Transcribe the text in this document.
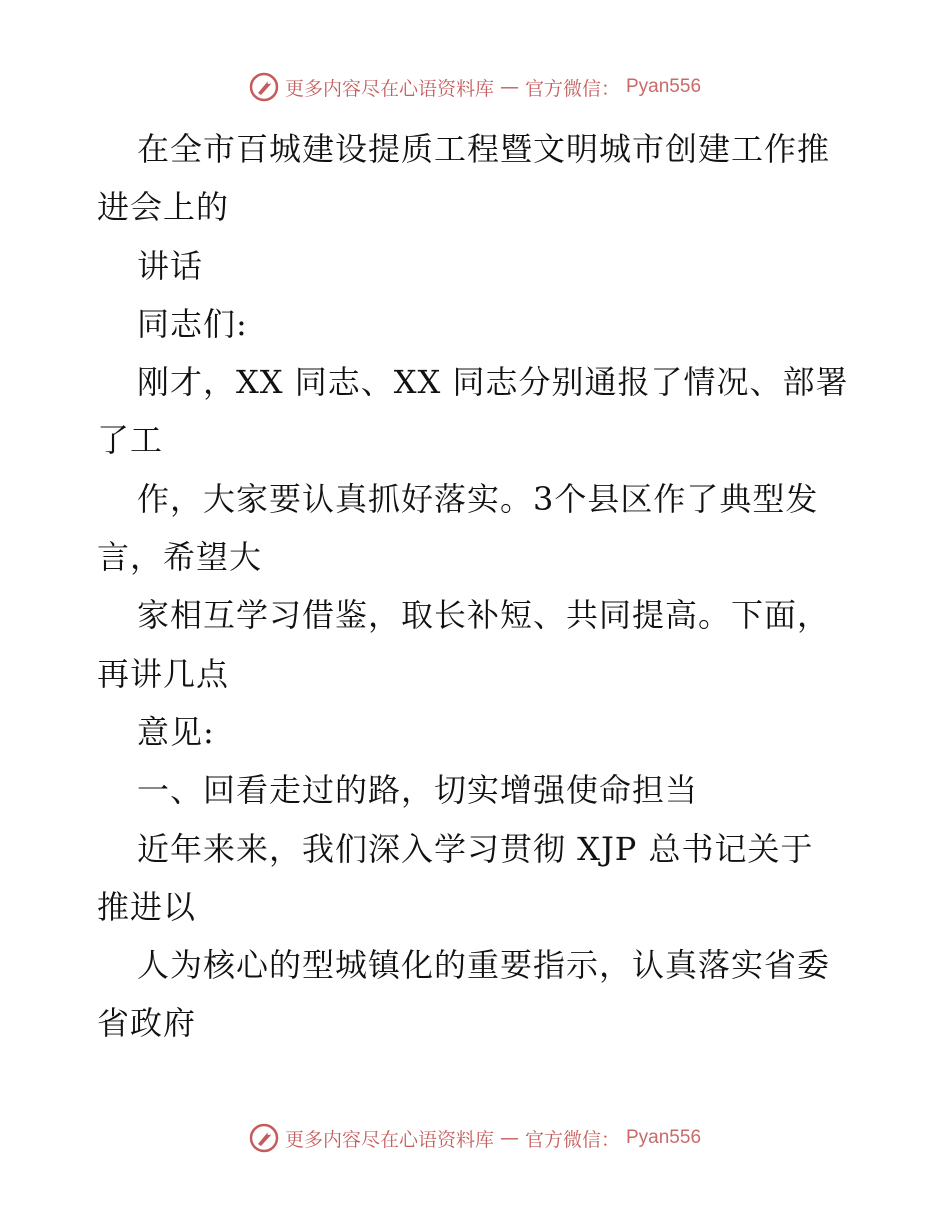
更多内容尽在心语资料库 — 官方微信： Pyan556
在全市百城建设提质工程暨文明城市创建工作推
进会上的
讲话
同志们:
刚才，XX 同志、XX 同志分别通报了情况、部署
了工
作，大家要认真抓好落实。3个县区作了典型发
言，希望大
家相互学习借鉴，取长补短、共同提高。下面，
再讲几点
意见:
一、回看走过的路，切实增强使命担当
近年来来，我们深入学习贯彻 XJP 总书记关于
推进以
人为核心的型城镇化的重要指示，认真落实省委
省政府
更多内容尽在心语资料库 — 官方微信： Pyan556
